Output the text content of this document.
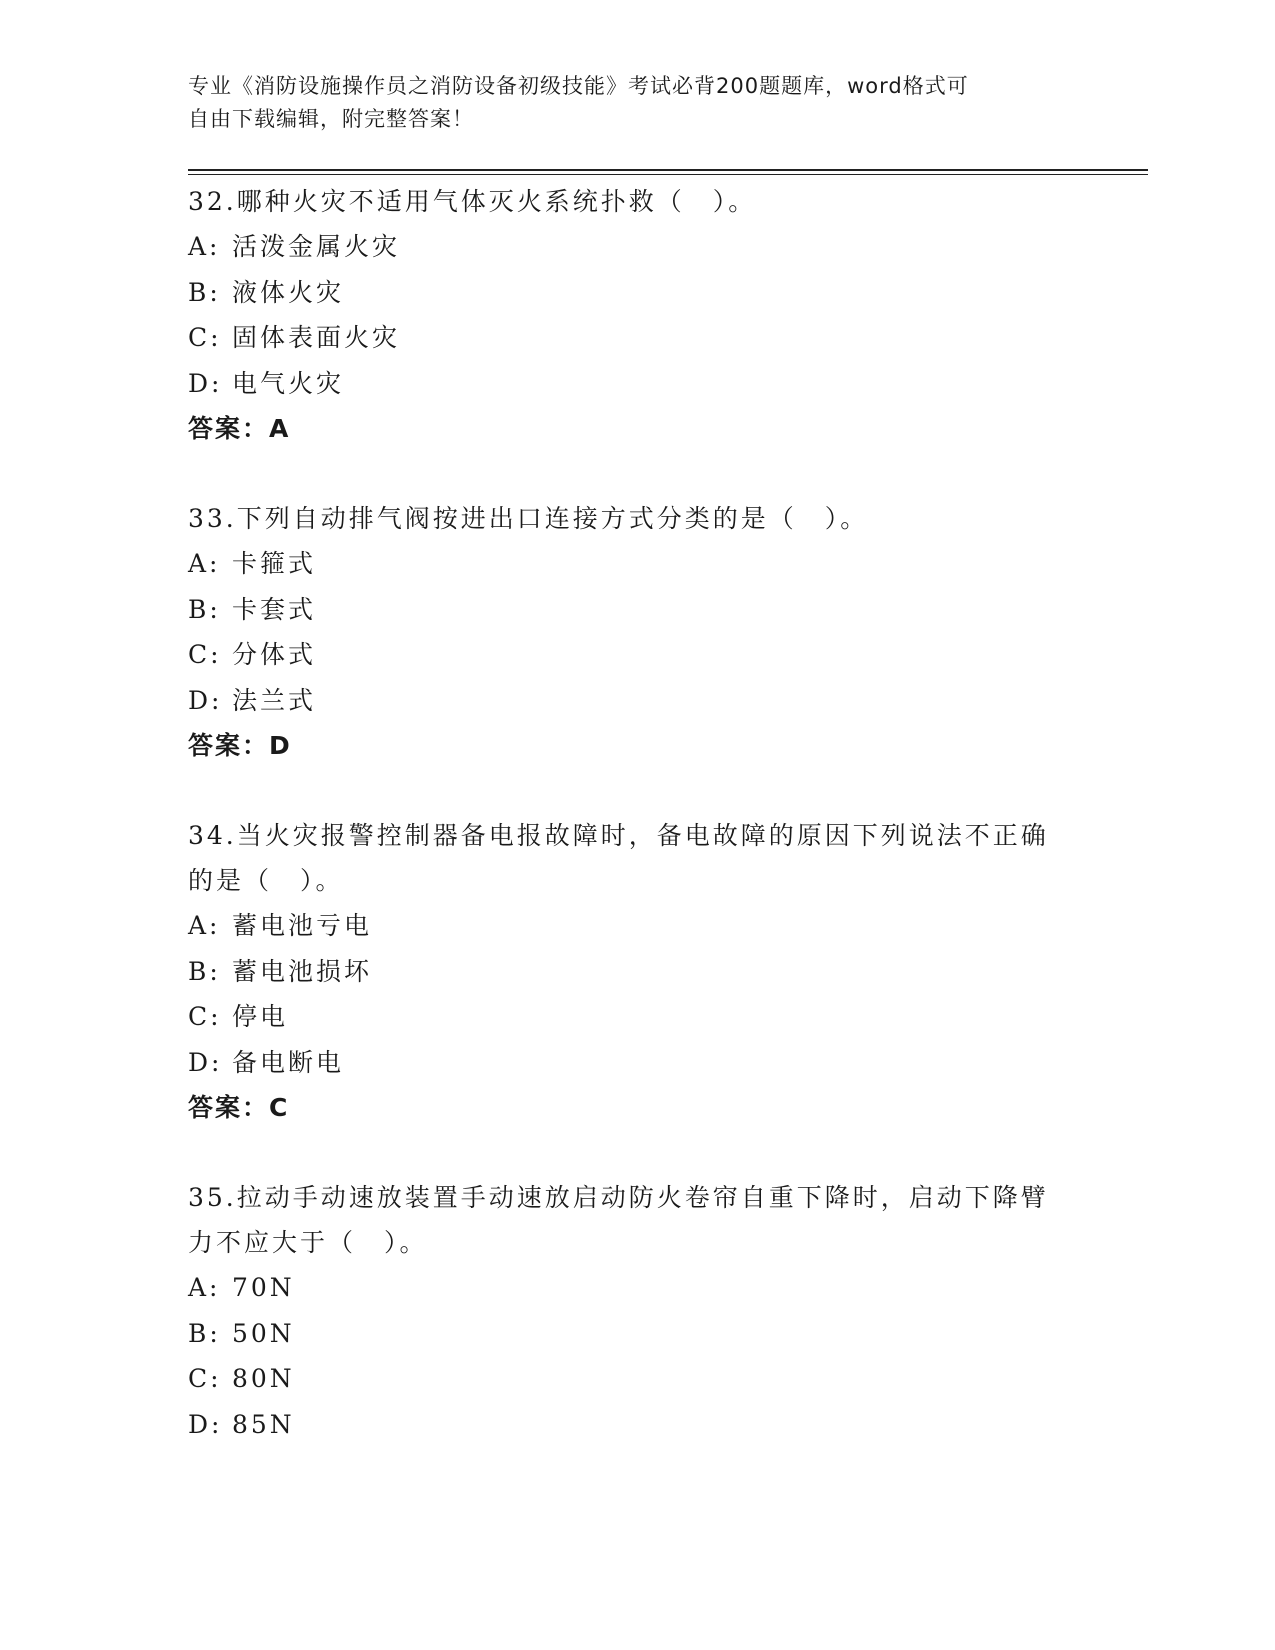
专业《消防设施操作员之消防设备初级技能》考试必背200题题库，word格式可
自由下载编辑，附完整答案！
32.哪种火灾不适用气体灭火系统扑救（　）。
A: 活泼金属火灾
B: 液体火灾
C: 固体表面火灾
D: 电气火灾
答案：A
33.下列自动排气阀按进出口连接方式分类的是（　）。
A: 卡箍式
B: 卡套式
C: 分体式
D: 法兰式
答案：D
34.当火灾报警控制器备电报故障时，备电故障的原因下列说法不正确
的是（　）。
A: 蓄电池亏电
B: 蓄电池损坏
C: 停电
D: 备电断电
答案：C
35.拉动手动速放装置手动速放启动防火卷帘自重下降时，启动下降臂
力不应大于（　）。
A: 70N
B: 50N
C: 80N
D: 85N
